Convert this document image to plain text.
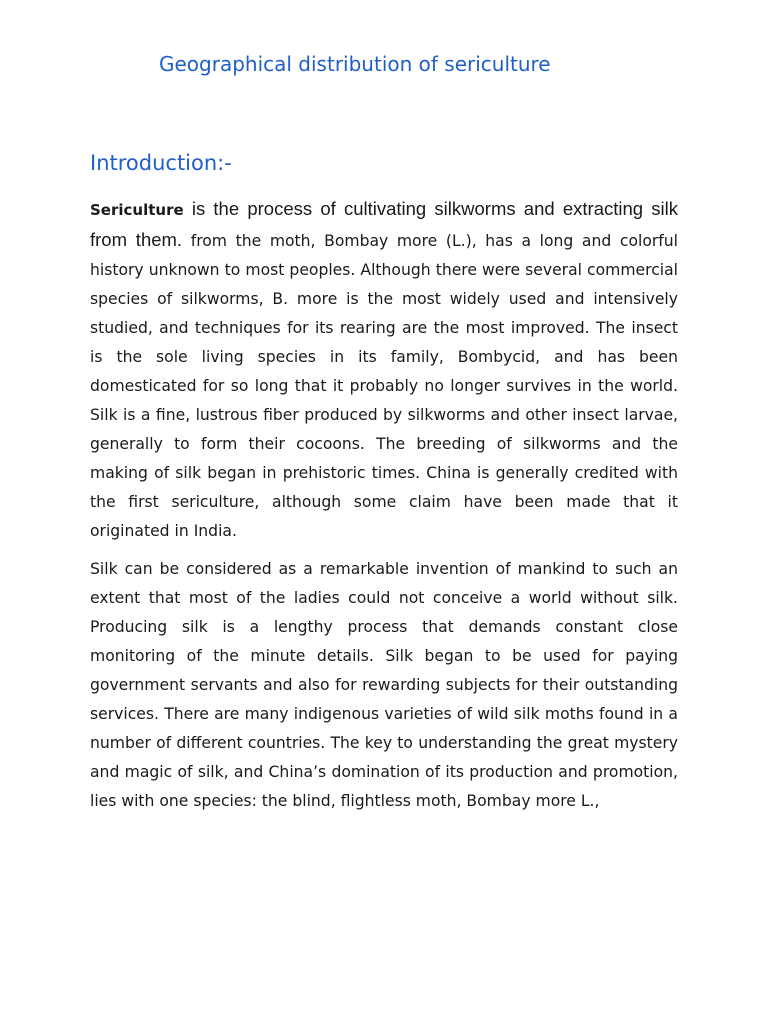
Geographical distribution of sericulture
Introduction:-

Sericulture is the process of cultivating silkworms and extracting silk from them. from the moth, Bombay more (L.), has a long and colorful history unknown to most peoples. Although there were several commercial species of silkworms, B. more is the most widely used and intensively studied, and techniques for its rearing are the most improved. The insect is the sole living species in its family, Bombycid, and has been domesticated for so long that it probably no longer survives in the world. Silk is a fine, lustrous fiber produced by silkworms and other insect larvae, generally to form their cocoons. The breeding of silkworms and the making of silk began in prehistoric times. China is generally credited with the first sericulture, although some claim have been made that it originated in India.

Silk can be considered as a remarkable invention of mankind to such an extent that most of the ladies could not conceive a world without silk. Producing silk is a lengthy process that demands constant close monitoring of the minute details. Silk began to be used for paying government servants and also for rewarding subjects for their outstanding services. There are many indigenous varieties of wild silk moths found in a number of different countries. The key to understanding the great mystery and magic of silk, and China’s domination of its production and promotion, lies with one species: the blind, flightless moth, Bombay more L.,
